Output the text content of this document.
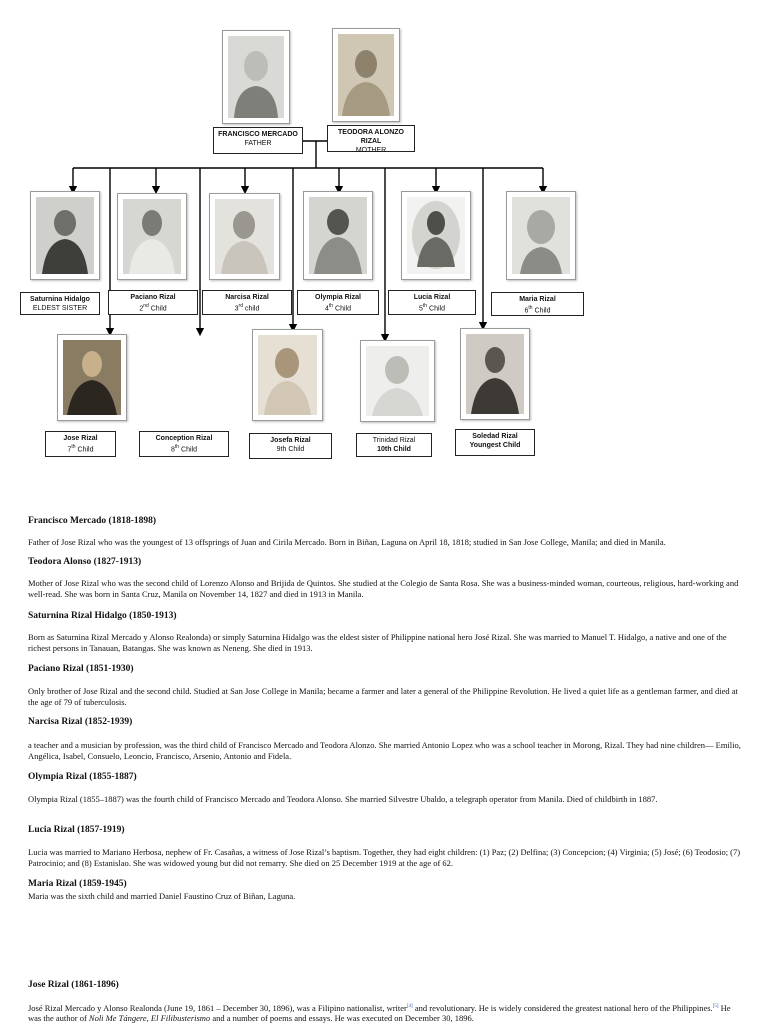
FRANCISCO MERCADO
FATHER
TEODORA ALONZO RIZAL
MOTHER
Saturnina Hidalgo
ELDEST SISTER
Paciano Rizal
2nd Child
Narcisa Rizal
3rd child
Olympia Rizal
4th Child
Lucia Rizal
5th Child
Maria Rizal
6th Child
Jose Rizal
7th Child
Conception Rizal
8th Child
Josefa Rizal
9th Child
Trinidad Rizal
10th Child
Soledad Rizal
Youngest Child

Francisco Mercado (1818-1898)

Father of Jose Rizal who was the youngest of 13 offsprings of Juan and Cirila Mercado. Born in Biñan, Laguna on April 18, 1818; studied in San Jose College, Manila; and died in Manila.

Teodora Alonso (1827-1913)

Mother of Jose Rizal who was the second child of Lorenzo Alonso and Brijida de Quintos. She studied at the Colegio de Santa Rosa. She was a business-minded woman, courteous, religious, hard-working and well-read. She was born in Santa Cruz, Manila on November 14, 1827 and died in 1913 in Manila.

Saturnina Rizal Hidalgo (1850-1913)

Born as Saturnina Rizal Mercado y Alonso Realonda) or simply Saturnina Hidalgo was the eldest sister of Philippine national hero José Rizal. She was married to Manuel T. Hidalgo, a native and one of the richest persons in Tanauan, Batangas. She was known as Neneng. She died in 1913.

Paciano Rizal (1851-1930)

Only brother of Jose Rizal and the second child. Studied at San Jose College in Manila; became a farmer and later a general of the Philippine Revolution. He lived a quiet life as a gentleman farmer, and died at the age of 79 of tuberculosis.

Narcisa Rizal (1852-1939)

a teacher and a musician by profession, was the third child of Francisco Mercado and Teodora Alonzo. She married Antonio Lopez who was a school teacher in Morong, Rizal. They had nine children— Emilio, Angélica, Isabel, Consuelo, Leoncio, Francisco, Arsenio, Antonio and Fidela.

Olympia Rizal (1855-1887)

Olympia Rizal (1855–1887) was the fourth child of Francisco Mercado and Teodora Alonso. She married Silvestre Ubaldo, a telegraph operator from Manila. Died of childbirth in 1887.

Lucia Rizal (1857-1919)

Lucia was married to Mariano Herbosa, nephew of Fr. Casañas, a witness of Jose Rizal’s baptism. Together, they had eight children: (1) Paz; (2) Delfina; (3) Concepcion; (4) Virginia; (5) José; (6) Teodosio; (7) Patrocinio; and (8) Estanislao. She was widowed young but did not remarry. She died on 25 December 1919 at the age of 62.

Maria Rizal (1859-1945)

Maria was the sixth child and married Daniel Faustino Cruz of Biñan, Laguna.

Jose Rizal (1861-1896)

José Rizal Mercado y Alonso Realonda (June 19, 1861 – December 30, 1896), was a Filipino nationalist, writer[4] and revolutionary. He is widely considered the greatest national hero of the Philippines.[5] He was the author of Noli Me Tángere, El Filibusterismo and a number of poems and essays. He was executed on December 30, 1896.
